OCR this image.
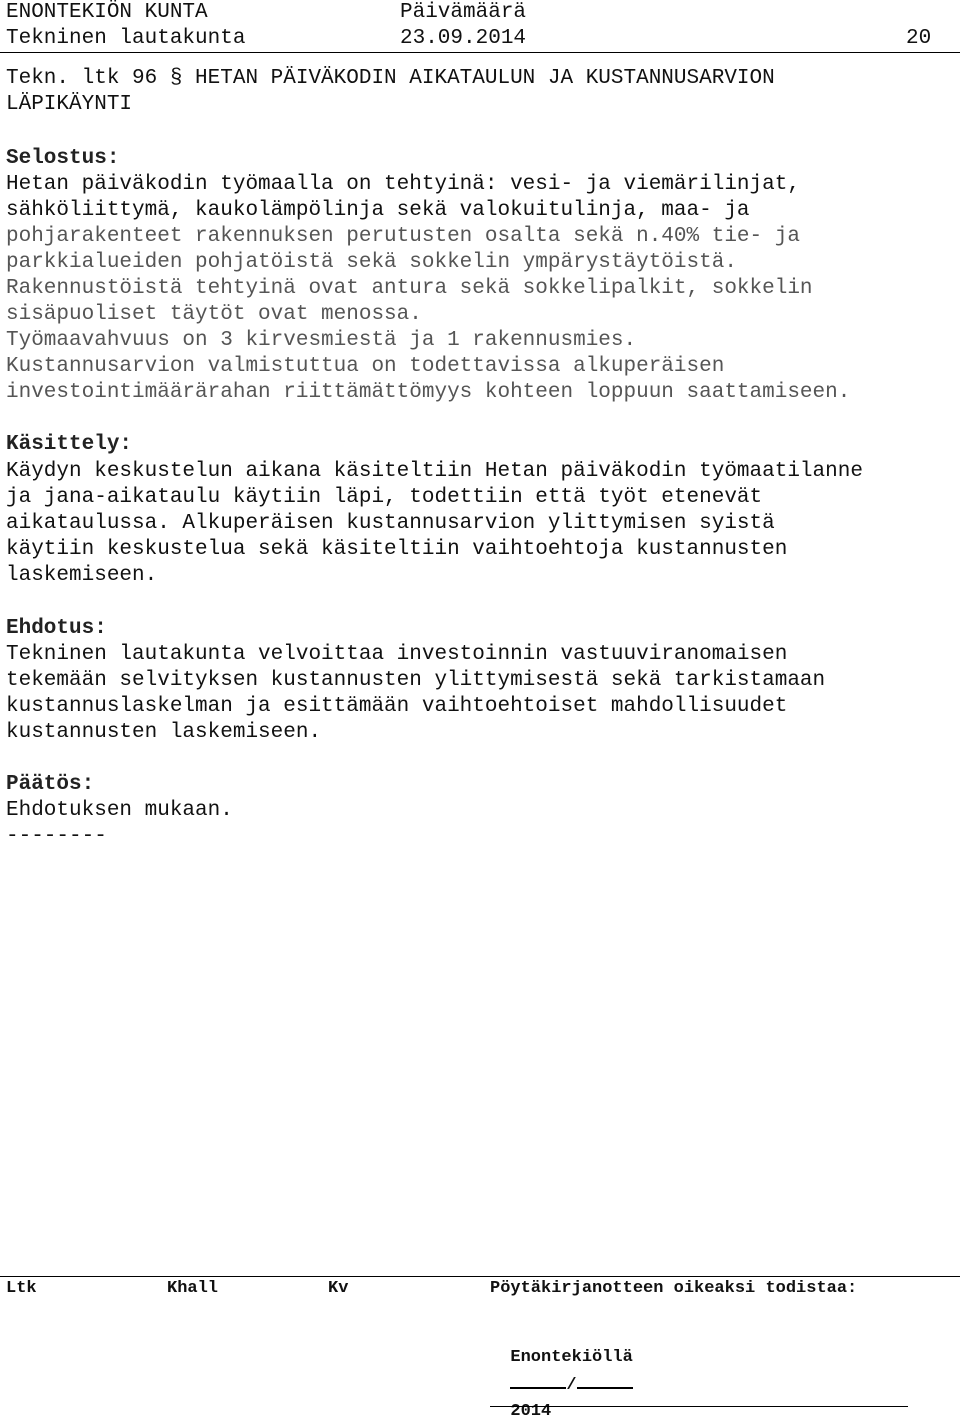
ENONTEKIÖN KUNTA	Päivämäärä
Tekninen lautakunta	23.09.2014	20
Tekn. ltk 96 § HETAN PÄIVÄKODIN AIKATAULUN JA KUSTANNUSARVION
LÄPIKÄYNTI
Selostus:
Hetan päiväkodin työmaalla on tehtyinä: vesi- ja viemärilinjat,
sähköliittymä, kaukolämpölinja sekä valokuitulinja, maa- ja
pohjarakenteet rakennuksen perutusten osalta sekä n.40% tie- ja
parkkialueiden pohjatöistä sekä sokkelin ympärystäytöistä.
Rakennustöistä tehtyinä ovat antura sekä sokkelipalkit, sokkelin
sisäpuoliset täytöt ovat menossa.
Työmaavahvuus on 3 kirvesmiestä ja 1 rakennusmies.
Kustannusarvion valmistuttua on todettavissa alkuperäisen
investointimäärärahan riittämättömyys kohteen loppuun saattamiseen.
Käsittely:
Käydyn keskustelun aikana käsiteltiin Hetan päiväkodin työmaatilanne
ja jana-aikataulu käytiin läpi, todettiin että työt etenevät
aikataulussa. Alkuperäisen kustannusarvion ylittymisen syistä
käytiin keskustelua sekä käsiteltiin vaihtoehtoja kustannusten
laskemiseen.
Ehdotus:
Tekninen lautakunta velvoittaa investoinnin vastuuviranomaisen
tekemään selvityksen kustannusten ylittymisestä sekä tarkistamaan
kustannuslaskelman ja esittämään vaihtoehtoiset mahdollisuudet
kustannusten laskemiseen.
Päätös:
Ehdotuksen mukaan.
--------
Ltk	Khall	Kv	Pöytäkirjanotteen oikeaksi todistaa:

Enontekiöllä
/
2014
